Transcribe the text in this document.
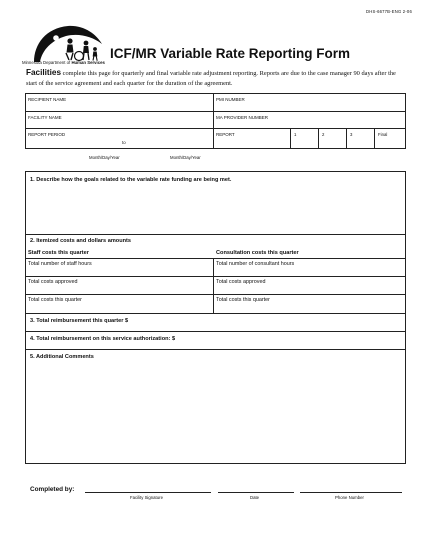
DHS-6677B-ENG 2-06
Minnesota Department of Human Services
ICF/MR Variable Rate Reporting Form
Facilities complete this page for quarterly and final variable rate adjustment reporting. Reports are due to the case manager 90 days after the start of the service agreement and each quarter for the duration of the agreement.
RECIPIENT NAME	PMI NUMBER
FACILITY NAME	MA PROVIDER NUMBER
REPORT PERIOD
to
REPORT	1	2	3	Final
Month/Day/Year	Month/Day/Year
1. Describe how the goals related to the variable rate funding are being met.
2. Itemized costs and dollars amounts
Staff costs this quarter	Consultation costs this quarter
Total number of staff hours	Total number of consultant hours
Total costs approved	Total costs approved
Total costs this quarter	Total costs this quarter
3. Total reimbursement this quarter $
4. Total reimbursement on this service authorization: $
5. Additional Comments
Completed by:
Facility Signature	Date	Phone Number
